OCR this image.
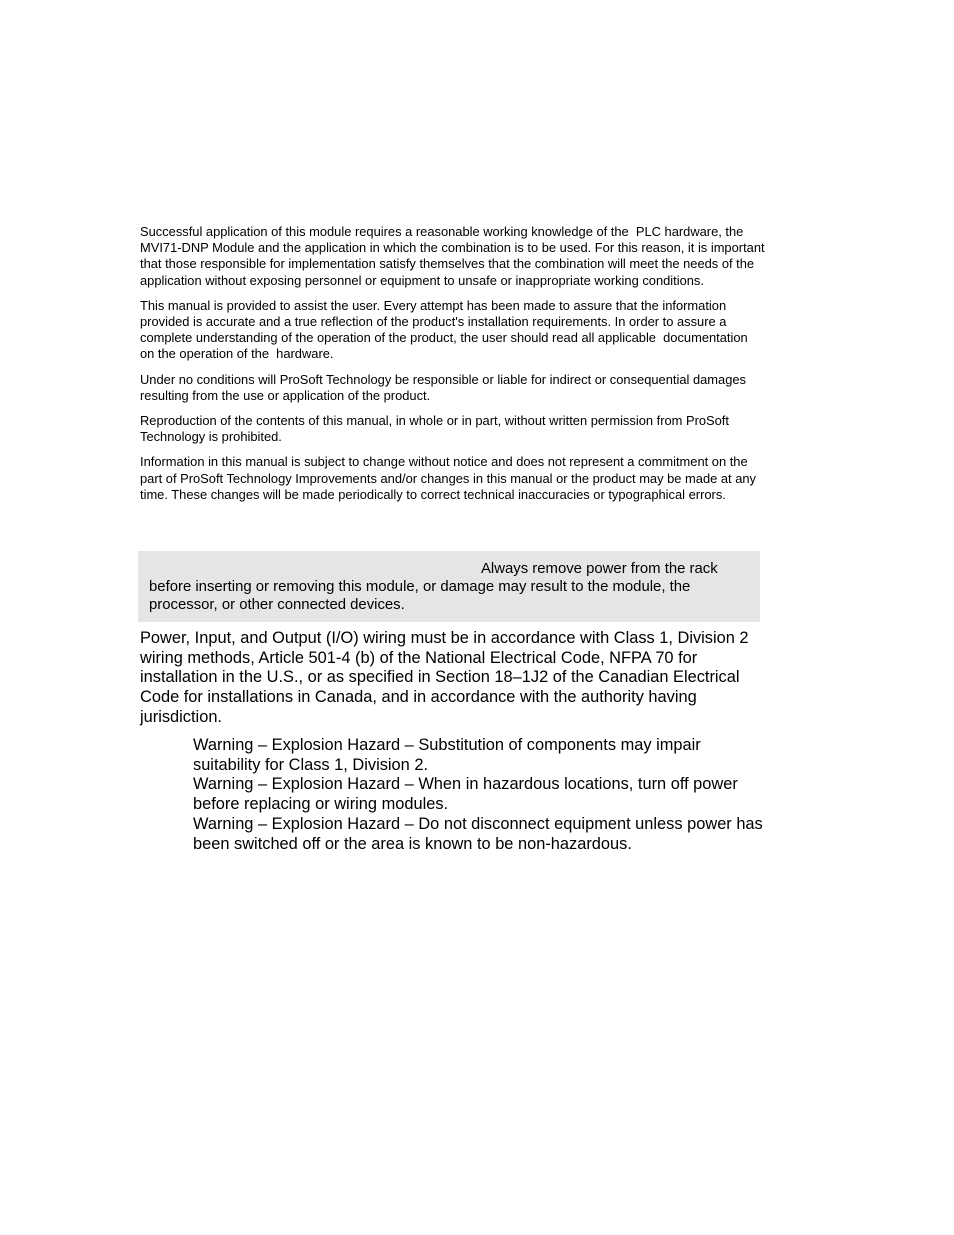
Successful application of this module requires a reasonable working knowledge of the  PLC hardware, the MVI71-DNP Module and the application in which the combination is to be used. For this reason, it is important that those responsible for implementation satisfy themselves that the combination will meet the needs of the application without exposing personnel or equipment to unsafe or inappropriate working conditions.

This manual is provided to assist the user. Every attempt has been made to assure that the information provided is accurate and a true reflection of the product's installation requirements. In order to assure a complete understanding of the operation of the product, the user should read all applicable  documentation on the operation of the  hardware.

Under no conditions will ProSoft Technology be responsible or liable for indirect or consequential damages resulting from the use or application of the product.

Reproduction of the contents of this manual, in whole or in part, without written permission from ProSoft Technology is prohibited.

Information in this manual is subject to change without notice and does not represent a commitment on the part of ProSoft Technology Improvements and/or changes in this manual or the product may be made at any time. These changes will be made periodically to correct technical inaccuracies or typographical errors.

Always remove power from the rack
before inserting or removing this module, or damage may result to the module, the processor, or other connected devices.

Power, Input, and Output (I/O) wiring must be in accordance with Class 1, Division 2 wiring methods, Article 501-4 (b) of the National Electrical Code, NFPA 70 for installation in the U.S., or as specified in Section 18–1J2 of the Canadian Electrical Code for installations in Canada, and in accordance with the authority having jurisdiction.

Warning – Explosion Hazard – Substitution of components may impair suitability for Class 1, Division 2.
Warning – Explosion Hazard – When in hazardous locations, turn off power before replacing or wiring modules.
Warning – Explosion Hazard – Do not disconnect equipment unless power has been switched off or the area is known to be non-hazardous.
